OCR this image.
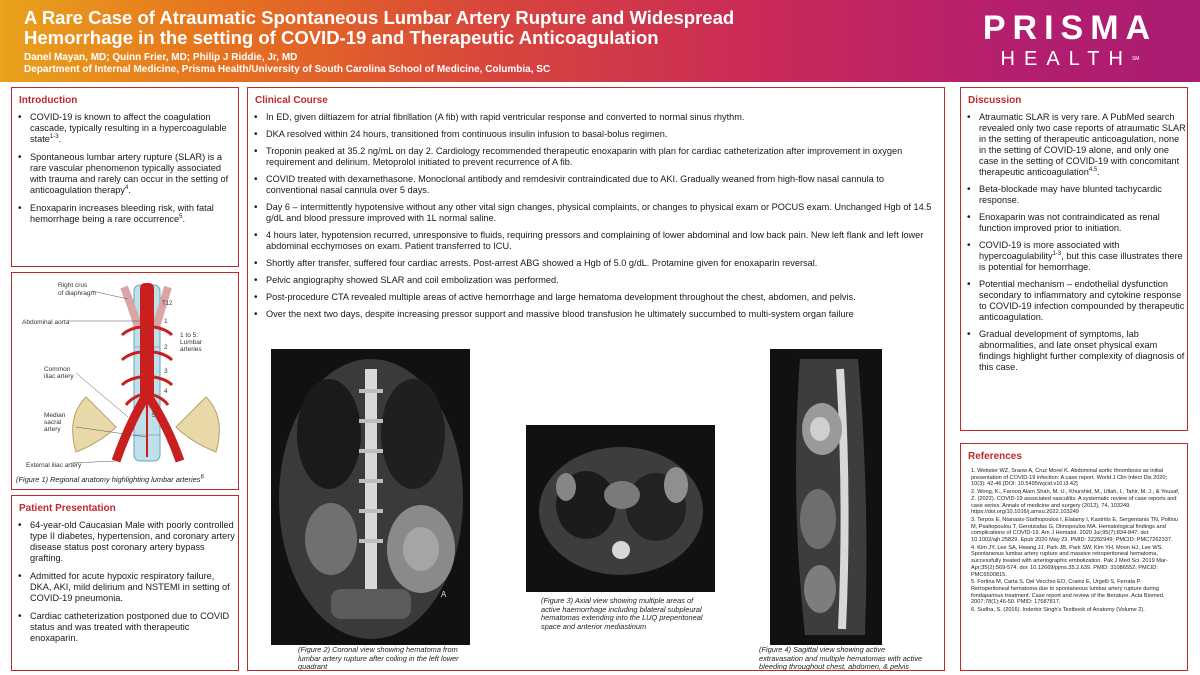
A Rare Case of Atraumatic Spontaneous Lumbar Artery Rupture and Widespread
Hemorrhage in the setting of COVID-19 and Therapeutic Anticoagulation
Danel Mayan, MD; Quinn Frier, MD; Philip J Riddie, Jr, MD
Department of Internal Medicine, Prisma Health/University of South Carolina School of Medicine, Columbia, SC
PRISMA
HEALTHSM
Introduction
• COVID-19 is known to affect the coagulation cascade, typically resulting in a hypercoagulable state$^{1-3}$.
• Spontaneous lumbar artery rupture (SLAR) is a rare vascular phenomenon typically associated with trauma and rarely can occur in the setting of anticoagulation therapy$^4$.
• Enoxaparin increases bleeding risk, with fatal hemorrhage being a rare occurrence$^5$.
Right crus
of diaphragm
Abdominal aorta
Common
iliac artery
Median
sacral
artery
External iliac artery
1 to 5:
Lumbar
arteries
T12
1
2
3
4
5
(Figure 1) Regional anatomy highlighting lumbar arteries$^6$
Patient Presentation
• 64-year-old Caucasian Male with poorly controlled type II diabetes, hypertension, and coronary artery disease status post coronary artery bypass grafting.
• Admitted for acute hypoxic respiratory failure, DKA, AKI, mild delirium and NSTEMI in setting of COVID-19 pneumonia.
• Cardiac catheterization postponed due to COVID status and was treated with therapeutic enoxaparin.
Clinical Course
• In ED, given diltiazem for atrial fibrillation (A fib) with rapid ventricular response and converted to normal sinus rhythm.
• DKA resolved within 24 hours, transitioned from continuous insulin infusion to basal-bolus regimen.
• Troponin peaked at 35.2 ng/mL on day 2. Cardiology recommended therapeutic enoxaparin with plan for cardiac catheterization after improvement in oxygen requirement and delirium. Metoprolol initiated to prevent recurrence of A fib.
• COVID treated with dexamethasone. Monoclonal antibody and remdesivir contraindicated due to AKI. Gradually weaned from high-flow nasal cannula to conventional nasal cannula over 5 days.
• Day 6 – intermittently hypotensive without any other vital sign changes, physical complaints, or changes to physical exam or POCUS exam. Unchanged Hgb of 14.5 g/dL and blood pressure improved with 1L normal saline.
• 4 hours later, hypotension recurred, unresponsive to fluids, requiring pressors and complaining of lower abdominal and low back pain. New left flank and left lower abdominal ecchymoses on exam. Patient transferred to ICU.
• Shortly after transfer, suffered four cardiac arrests. Post-arrest ABG showed a Hgb of 5.0 g/dL. Protamine given for enoxaparin reversal.
• Pelvic angiography showed SLAR and coil embolization was performed.
• Post-procedure CTA revealed multiple areas of active hemorrhage and large hematoma development throughout the chest, abdomen, and pelvis.
• Over the next two days, despite increasing pressor support and massive blood transfusion he ultimately succumbed to multi-system organ failure
A
(Figure 2) Coronal view showing hematoma from lumbar artery rupture after coiling in the left lower quadrant
(Figure 3) Axial view showing multiple areas of active haemorrhage including bilateral subpleural hematomas extending into the LUQ preperitoneal space and anterior mediastinum
(Figure 4) Sagittal view showing active extravasation and multiple hematomas with active bleeding throughout chest, abdomen, & pelvis
Discussion
• Atraumatic SLAR is very rare. A PubMed search revealed only two case reports of atraumatic SLAR in the setting of therapeutic anticoagulation, none in the setting of COVID-19 alone, and only one case in the setting of COVID-19 with concomitant therapeutic anticoagulation$^{4,5}$.
• Beta-blockade may have blunted tachycardic response.
• Enoxaparin was not contraindicated as renal function improved prior to initiation.
• COVID-19 is more associated with hypercoagulability$^{1-3}$, but this case illustrates there is potential for hemorrhage.
• Potential mechanism – endothelial dysfunction secondary to inflammatory and cytokine response to COVID-19 infection compounded by therapeutic anticoagulation.
• Gradual development of symptoms, lab abnormalities, and late onset physical exam findings highlight further complexity of diagnosis of this case.
References

1. Webster WZ, Sraow A, Cruz Morel K. Abdominal aortic thrombosis as initial presentation of COVID-19 infection: A case report. World J Clin Infect Dis 2020; 10(3): 42-46 [DOI: 10.5495/wjcid.v10.i3.42]

2. Wong, K., Farooq Alam Shah, M. U., Khurshid, M., Ullah, I., Tahir, M. J., & Yousaf, Z. (2022). COVID-19 associated vasculitis: A systematic review of case reports and case series. Annals of medicine and surgery (2012), 74, 103249. https://doi.org/10.1016/j.amsu.2022.103249

3. Terpos E, Ntanasis-Stathopoulos I, Elalamy I, Kastritis E, Sergentanis TN, Politou M, Psaltopoulou T, Gerotziafas G, Dimopoulos MA. Hematological findings and complications of COVID-19. Am J Hematol. 2020 Jul;95(7):834-847. doi: 10.1002/ajh.25829. Epub 2020 May 23. PMID: 32282949; PMCID: PMC7262337.

4. Kim JY, Lee SA, Hwang JJ, Park JB, Park SW, Kim YH, Moon HJ, Lee WS. Spontaneous lumbar artery rupture and massive retroperitoneal hematoma, successfully treated with arteriographic embolization. Pak J Med Sci. 2019 Mar-Apr;35(2):569-574. doi: 10.12669/pjms.35.2.639. PMID: 31086552; PMCID: PMC6500815.

5. Fortina M, Carta S, Del Vecchio EO, Crainz E, Urgelli S, Ferrata P. Retroperitoneal hematoma due to spontaneous lumbar artery rupture during fondaparinux treatment. Case report and review of the literature. Acta Biomed. 2007;78(1):46-50. PMID: 17687817.

6. Sudha, S. (2016). Inderbir Singh's Textbook of Anatomy (Volume 2).
